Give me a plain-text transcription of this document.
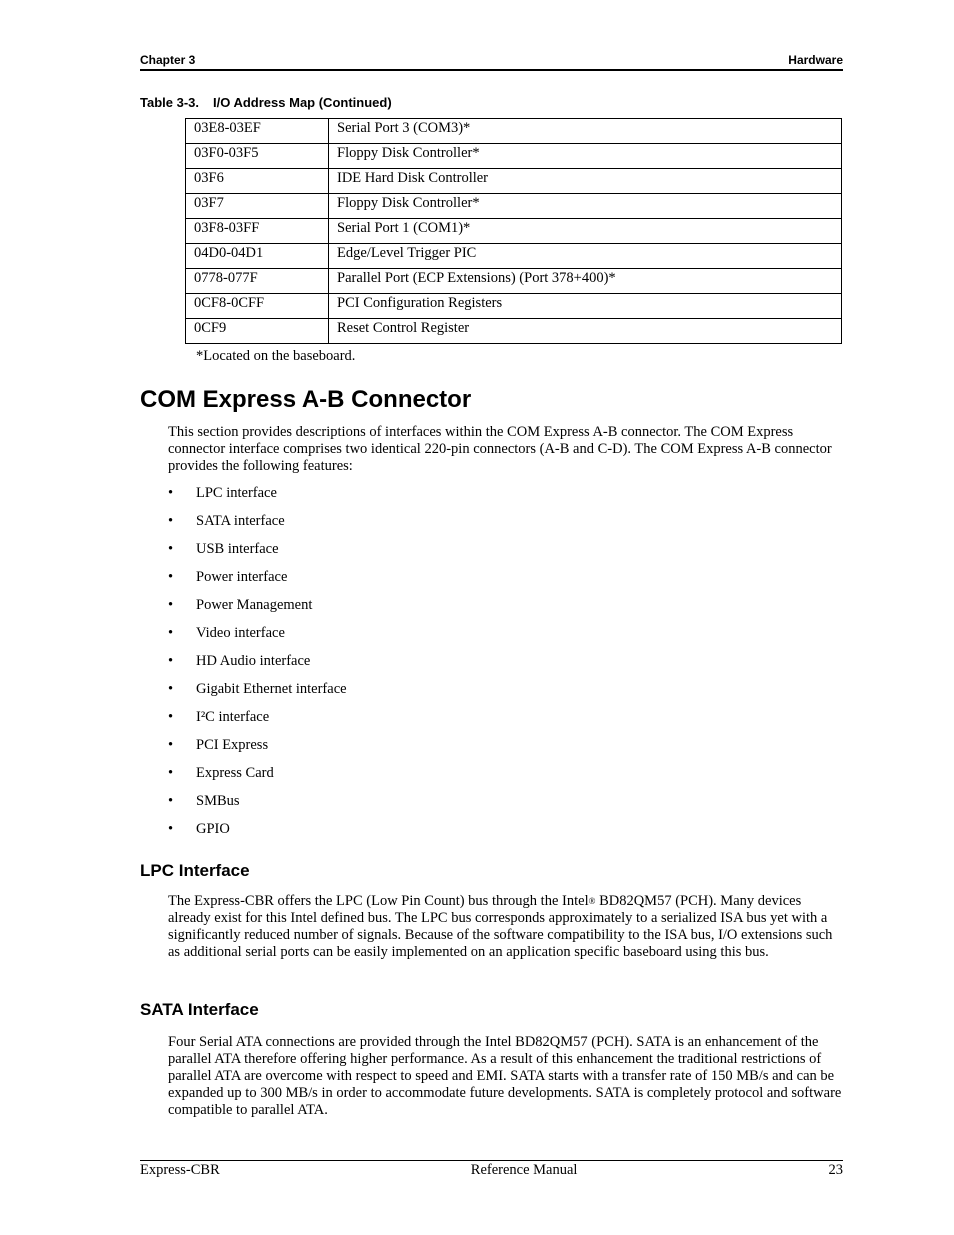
Chapter 3	Hardware
Table 3-3. I/O Address Map (Continued)
03E8-03EF	Serial Port 3 (COM3)*
03F0-03F5	Floppy Disk Controller*
03F6	IDE Hard Disk Controller
03F7	Floppy Disk Controller*
03F8-03FF	Serial Port 1 (COM1)*
04D0-04D1	Edge/Level Trigger PIC
0778-077F	Parallel Port (ECP Extensions) (Port 378+400)*
0CF8-0CFF	PCI Configuration Registers
0CF9	Reset Control Register
*Located on the baseboard.
COM Express A-B Connector

This section provides descriptions of interfaces within the COM Express A-B connector. The COM Express connector interface comprises two identical 220-pin connectors (A-B and C-D). The COM Express A-B connector provides the following features:

•	LPC interface
•	SATA interface
•	USB interface
•	Power interface
•	Power Management
•	Video interface
•	HD Audio interface
•	Gigabit Ethernet interface
•	I²C interface
•	PCI Express
•	Express Card
•	SMBus
•	GPIO
LPC Interface

The Express-CBR offers the LPC (Low Pin Count) bus through the Intel® BD82QM57 (PCH). Many devices already exist for this Intel defined bus. The LPC bus corresponds approximately to a serialized ISA bus yet with a significantly reduced number of signals. Because of the software compatibility to the ISA bus, I/O extensions such as additional serial ports can be easily implemented on an application specific baseboard using this bus.

SATA Interface

Four Serial ATA connections are provided through the Intel BD82QM57 (PCH). SATA is an enhancement of the parallel ATA therefore offering higher performance. As a result of this enhancement the traditional restrictions of parallel ATA are overcome with respect to speed and EMI. SATA starts with a transfer rate of 150 MB/s and can be expanded up to 300 MB/s in order to accommodate future developments. SATA is completely protocol and software compatible to parallel ATA.

Express-CBR	Reference Manual	23
